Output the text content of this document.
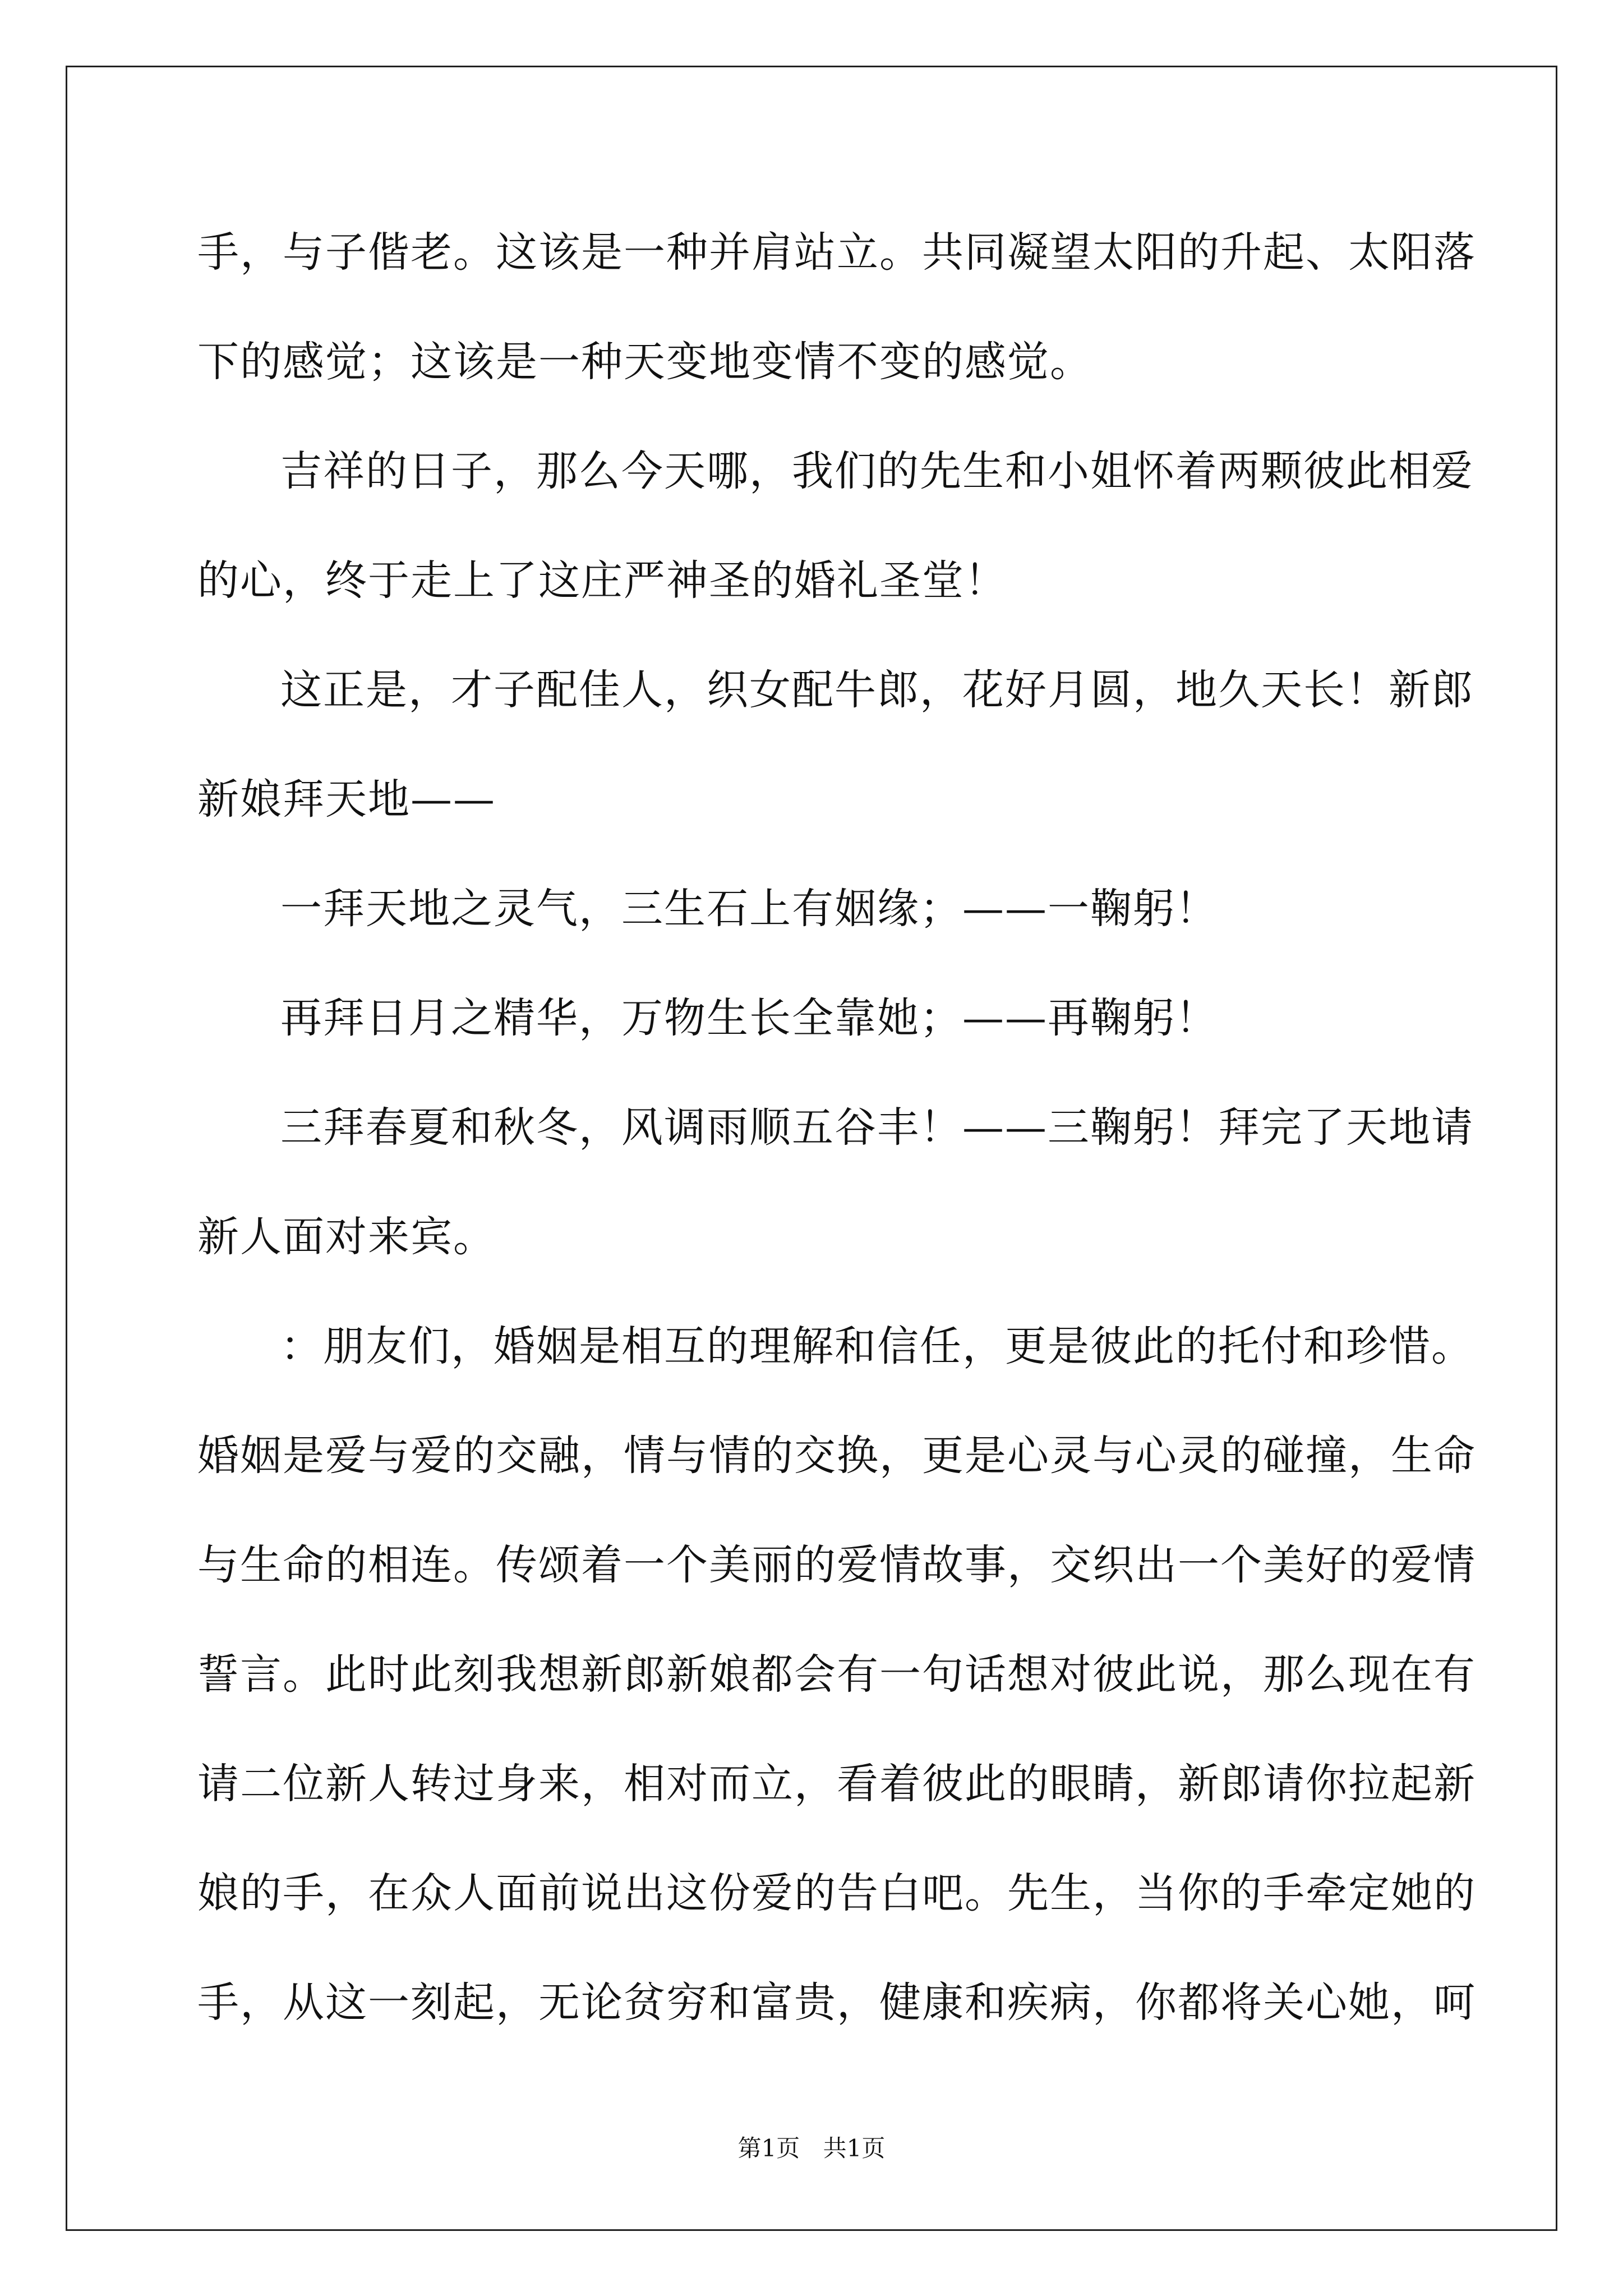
手，与子偕老。这该是一种并肩站立。共同凝望太阳的升起、太阳落
下的感觉；这该是一种天变地变情不变的感觉。
吉祥的日子，那么今天哪，我们的先生和小姐怀着两颗彼此相爱
的心，终于走上了这庄严神圣的婚礼圣堂！
这正是，才子配佳人，织女配牛郎，花好月圆，地久天长！新郎
新娘拜天地——
一拜天地之灵气，三生石上有姻缘；——一鞠躬！
再拜日月之精华，万物生长全靠她；——再鞠躬！
三拜春夏和秋冬，风调雨顺五谷丰！——三鞠躬！拜完了天地请
新人面对来宾。
：朋友们，婚姻是相互的理解和信任，更是彼此的托付和珍惜。
婚姻是爱与爱的交融，情与情的交换，更是心灵与心灵的碰撞，生命
与生命的相连。传颂着一个美丽的爱情故事，交织出一个美好的爱情
誓言。此时此刻我想新郎新娘都会有一句话想对彼此说，那么现在有
请二位新人转过身来，相对而立，看着彼此的眼睛，新郎请你拉起新
娘的手，在众人面前说出这份爱的告白吧。先生，当你的手牵定她的
手，从这一刻起，无论贫穷和富贵，健康和疾病，你都将关心她，呵
第1页 共1页
